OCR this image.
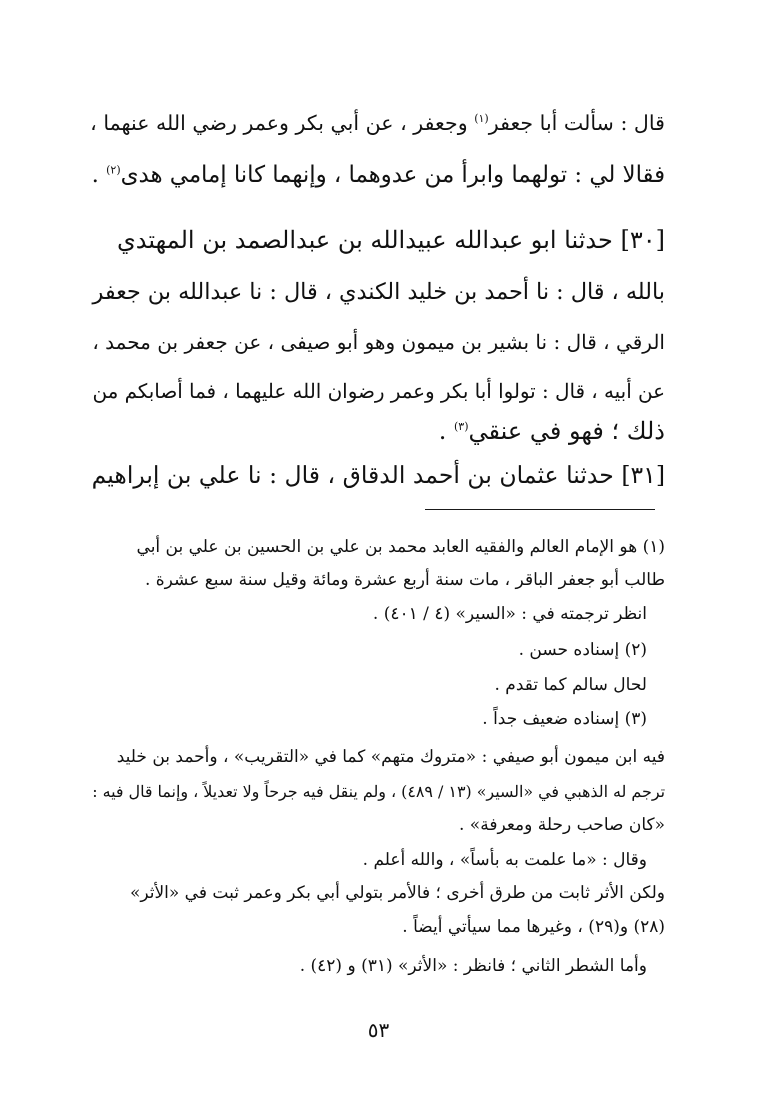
قال : سألت أبا جعفر$^{(١)}$ وجعفر ، عن أبي بكر وعمر رضي الله عنهما ،
فقالا لي : تولهما وابرأ من عدوهما ، وإنهما كانا إمامي هدى$^{(٢)}$ .
[٣٠] حدثنا ابو عبدالله عبيدالله بن عبدالصمد بن المهتدي
بالله ، قال : نا أحمد بن خليد الكندي ، قال : نا عبدالله بن جعفر
الرقي ، قال : نا بشير بن ميمون وهو أبو صيفى ، عن جعفر بن محمد ،
عن أبيه ، قال : تولوا أبا بكر وعمر رضوان الله عليهما ، فما أصابكم من
ذلك ؛ فهو في عنقي$^{(٣)}$ .
[٣١] حدثنا عثمان بن أحمد الدقاق ، قال : نا علي بن إبراهيم
(١) هو الإمام العالم والفقيه العابد محمد بن علي بن الحسين بن علي بن أبي
طالب أبو جعفر الباقر ، مات سنة أربع عشرة ومائة وقيل سنة سبع عشرة .
انظر ترجمته في : «السير» (٤ / ٤٠١) .
(٢) إسناده حسن .
لحال سالم كما تقدم .
(٣) إسناده ضعيف جداً .
فيه ابن ميمون أبو صيفي : «متروك متهم» كما في «التقريب» ، وأحمد بن خليد
ترجم له الذهبي في «السير» (١٣ / ٤٨٩) ، ولم ينقل فيه جرحاً ولا تعديلاً ، وإنما قال فيه :
«كان صاحب رحلة ومعرفة» .
وقال : «ما علمت به بأساً» ، والله أعلم .
ولكن الأثر ثابت من طرق أخرى ؛ فالأمر بتولي أبي بكر وعمر ثبت في «الأثر»
(٢٨) و(٢٩) ، وغيرها مما سيأتي أيضاً .
وأما الشطر الثاني ؛ فانظر : «الأثر» (٣١) و (٤٢) .
٥٣
